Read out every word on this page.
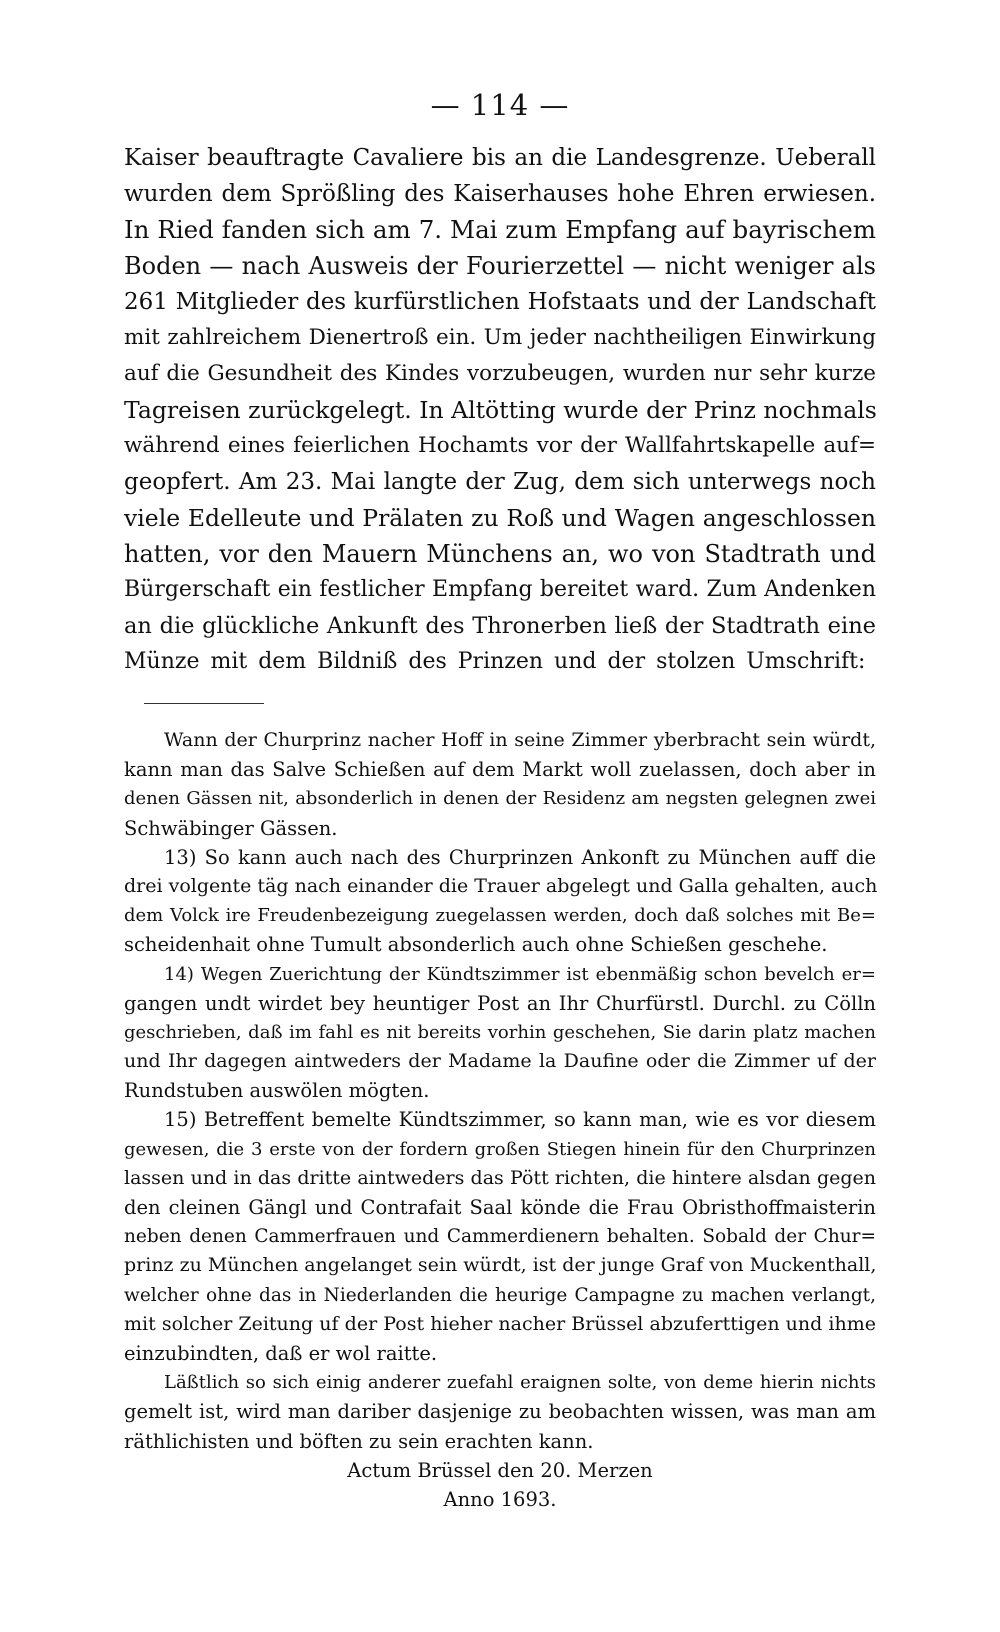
— 114 —
Kaiser beauftragte Cavaliere bis an die Landesgrenze. Ueberall
wurden dem Sprößling des Kaiserhauses hohe Ehren erwiesen.
In Ried fanden sich am 7. Mai zum Empfang auf bayrischem
Boden — nach Ausweis der Fourierzettel — nicht weniger als
261 Mitglieder des kurfürstlichen Hofstaats und der Landschaft
mit zahlreichem Dienertroß ein. Um jeder nachtheiligen Einwirkung
auf die Gesundheit des Kindes vorzubeugen, wurden nur sehr kurze
Tagreisen zurückgelegt. In Altötting wurde der Prinz nochmals
während eines feierlichen Hochamts vor der Wallfahrtskapelle auf=
geopfert. Am 23. Mai langte der Zug, dem sich unterwegs noch
viele Edelleute und Prälaten zu Roß und Wagen angeschlossen
hatten, vor den Mauern Münchens an, wo von Stadtrath und
Bürgerschaft ein festlicher Empfang bereitet ward. Zum Andenken
an die glückliche Ankunft des Thronerben ließ der Stadtrath eine
Münze mit dem Bildniß des Prinzen und der stolzen Umschrift:
Wann der Churprinz nacher Hoff in seine Zimmer yberbracht sein würdt,
kann man das Salve Schießen auf dem Markt woll zuelassen, doch aber in
denen Gässen nit, absonderlich in denen der Residenz am negsten gelegnen zwei
Schwäbinger Gässen.
13) So kann auch nach des Churprinzen Ankonft zu München auff die
drei volgente täg nach einander die Trauer abgelegt und Galla gehalten, auch
dem Volck ire Freudenbezeigung zuegelassen werden, doch daß solches mit Be=
scheidenhait ohne Tumult absonderlich auch ohne Schießen geschehe.
14) Wegen Zuerichtung der Kündtszimmer ist ebenmäßig schon bevelch er=
gangen undt wirdet bey heuntiger Post an Ihr Churfürstl. Durchl. zu Cölln
geschrieben, daß im fahl es nit bereits vorhin geschehen, Sie darin platz machen
und Ihr dagegen aintweders der Madame la Daufine oder die Zimmer uf der
Rundstuben auswölen mögten.
15) Betreffent bemelte Kündtszimmer, so kann man, wie es vor diesem
gewesen, die 3 erste von der fordern großen Stiegen hinein für den Churprinzen
lassen und in das dritte aintweders das Pött richten, die hintere alsdan gegen
den cleinen Gängl und Contrafait Saal könde die Frau Obristhoffmaisterin
neben denen Cammerfrauen und Cammerdienern behalten. Sobald der Chur=
prinz zu München angelanget sein würdt, ist der junge Graf von Muckenthall,
welcher ohne das in Niederlanden die heurige Campagne zu machen verlangt,
mit solcher Zeitung uf der Post hieher nacher Brüssel abzuferttigen und ihme
einzubindten, daß er wol raitte.
Läßtlich so sich einig anderer zuefahl eraignen solte, von deme hierin nichts
gemelt ist, wird man dariber dasjenige zu beobachten wissen, was man am
räthlichisten und böften zu sein erachten kann.
Actum Brüssel den 20. Merzen
Anno 1693.
